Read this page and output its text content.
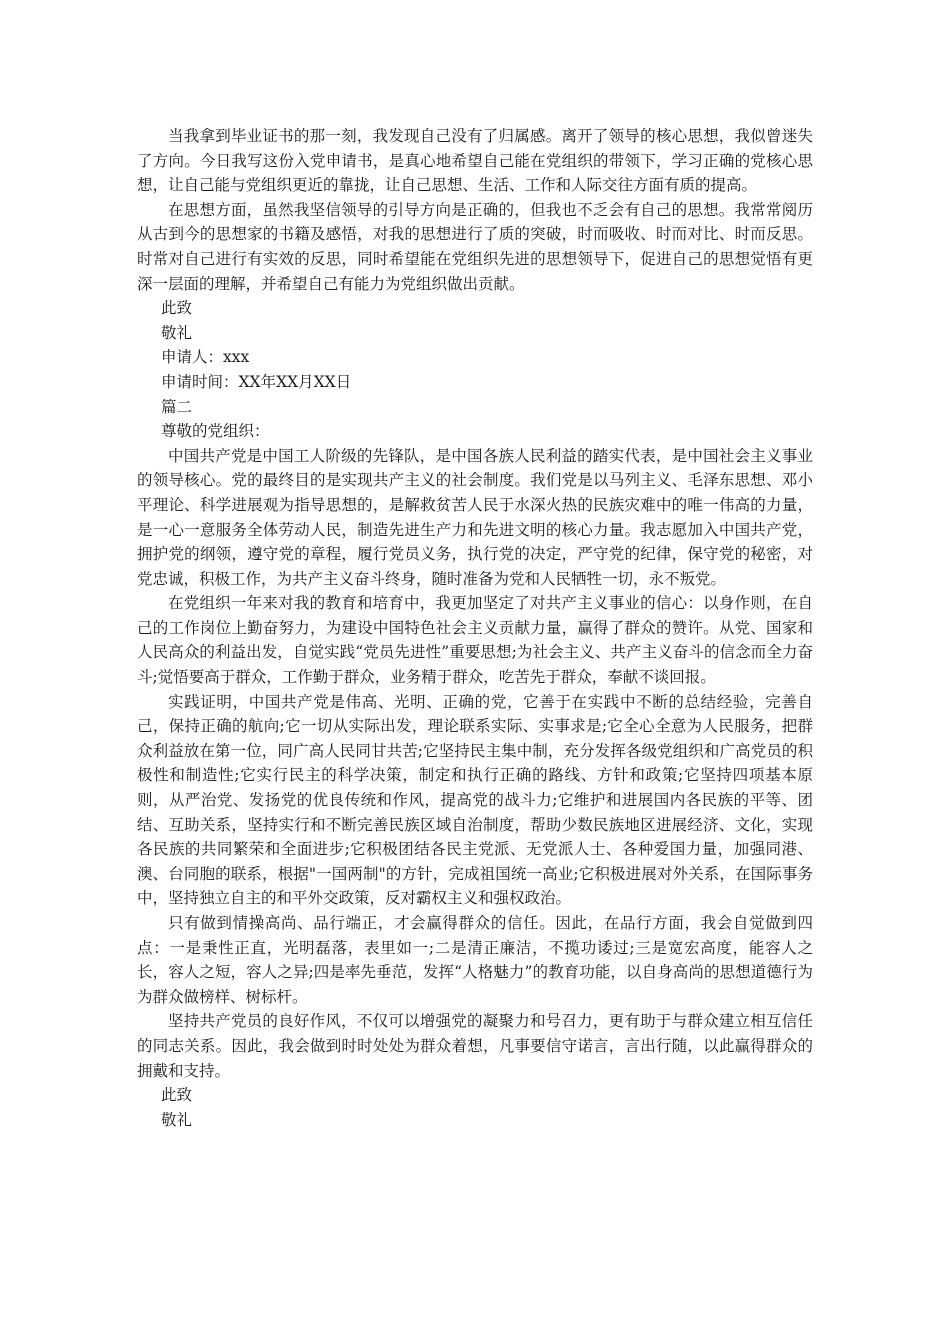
当我拿到毕业证书的那一刻，我发现自己没有了归属感。离开了领导的核心思想，我似曾迷失了方向。今日我写这份入党申请书，是真心地希望自己能在党组织的带领下，学习正确的党核心思想，让自己能与党组织更近的靠拢，让自己思想、生活、工作和人际交往方面有质的提高。

在思想方面，虽然我坚信领导的引导方向是正确的，但我也不乏会有自己的思想。我常常阅历从古到今的思想家的书籍及感悟，对我的思想进行了质的突破，时而吸收、时而对比、时而反思。时常对自己进行有实效的反思，同时希望能在党组织先进的思想领导下，促进自己的思想觉悟有更深一层面的理解，并希望自己有能力为党组织做出贡献。

此致

敬礼

申请人：xxx

申请时间：XX年XX月XX日

篇二

尊敬的党组织：

中国共产党是中国工人阶级的先锋队，是中国各族人民利益的踏实代表，是中国社会主义事业的领导核心。党的最终目的是实现共产主义的社会制度。我们党是以马列主义、毛泽东思想、邓小平理论、科学进展观为指导思想的，是解救贫苦人民于水深火热的民族灾难中的唯一伟高的力量，是一心一意服务全体劳动人民，制造先进生产力和先进文明的核心力量。我志愿加入中国共产党，拥护党的纲领，遵守党的章程，履行党员义务，执行党的决定，严守党的纪律，保守党的秘密，对党忠诚，积极工作，为共产主义奋斗终身，随时准备为党和人民牺牲一切，永不叛党。

在党组织一年来对我的教育和培育中，我更加坚定了对共产主义事业的信心：以身作则，在自己的工作岗位上勤奋努力，为建设中国特色社会主义贡献力量，赢得了群众的赞许。从党、国家和人民高众的利益出发，自觉实践“党员先进性”重要思想;为社会主义、共产主义奋斗的信念而全力奋斗;觉悟要高于群众，工作勤于群众，业务精于群众，吃苦先于群众，奉献不谈回报。

实践证明，中国共产党是伟高、光明、正确的党，它善于在实践中不断的总结经验，完善自己，保持正确的航向;它一切从实际出发，理论联系实际、实事求是;它全心全意为人民服务，把群众利益放在第一位，同广高人民同甘共苦;它坚持民主集中制，充分发挥各级党组织和广高党员的积极性和制造性;它实行民主的科学决策，制定和执行正确的路线、方针和政策;它坚持四项基本原则，从严治党、发扬党的优良传统和作风，提高党的战斗力;它维护和进展国内各民族的平等、团结、互助关系，坚持实行和不断完善民族区域自治制度，帮助少数民族地区进展经济、文化，实现各民族的共同繁荣和全面进步;它积极团结各民主党派、无党派人士、各种爱国力量，加强同港、澳、台同胞的联系，根据"一国两制"的方针，完成祖国统一高业;它积极进展对外关系，在国际事务中，坚持独立自主的和平外交政策，反对霸权主义和强权政治。

只有做到情操高尚、品行端正，才会赢得群众的信任。因此，在品行方面，我会自觉做到四点：一是秉性正直，光明磊落，表里如一;二是清正廉洁，不揽功诿过;三是宽宏高度，能容人之长，容人之短，容人之异;四是率先垂范，发挥“人格魅力”的教育功能，以自身高尚的思想道德行为为群众做榜样、树标杆。

坚持共产党员的良好作风，不仅可以增强党的凝聚力和号召力，更有助于与群众建立相互信任的同志关系。因此，我会做到时时处处为群众着想，凡事要信守诺言，言出行随，以此赢得群众的拥戴和支持。

此致

敬礼
